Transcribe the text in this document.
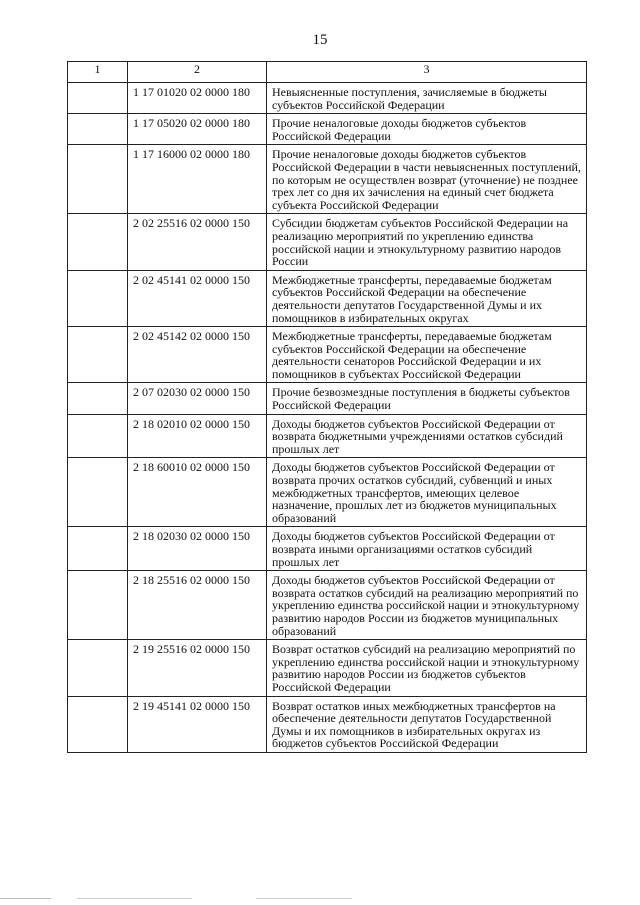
15
1	2	3
	1 17 01020 02 0000 180	Невыясненные поступления, зачисляемые в бюджеты субъектов Российской Федерации
	1 17 05020 02 0000 180	Прочие неналоговые доходы бюджетов субъектов Российской Федерации
	1 17 16000 02 0000 180	Прочие неналоговые доходы бюджетов субъектов Российской Федерации в части невыясненных поступлений, по которым не осуществлен возврат (уточнение) не позднее трех лет со дня их зачисления на единый счет бюджета субъекта Российской Федерации
	2 02 25516 02 0000 150	Субсидии бюджетам субъектов Российской Федерации на реализацию мероприятий по укреплению единства российской нации и этнокультурному развитию народов России
	2 02 45141 02 0000 150	Межбюджетные трансферты, передаваемые бюджетам субъектов Российской Федерации на обеспечение деятельности депутатов Государственной Думы и их помощников в избирательных округах
	2 02 45142 02 0000 150	Межбюджетные трансферты, передаваемые бюджетам субъектов Российской Федерации на обеспечение деятельности сенаторов Российской Федерации и их помощников в субъектах Российской Федерации
	2 07 02030 02 0000 150	Прочие безвозмездные поступления в бюджеты субъектов Российской Федерации
	2 18 02010 02 0000 150	Доходы бюджетов субъектов Российской Федерации от возврата бюджетными учреждениями остатков субсидий прошлых лет
	2 18 60010 02 0000 150	Доходы бюджетов субъектов Российской Федерации от возврата прочих остатков субсидий, субвенций и иных межбюджетных трансфертов, имеющих целевое назначение, прошлых лет из бюджетов муниципальных образований
	2 18 02030 02 0000 150	Доходы бюджетов субъектов Российской Федерации от возврата иными организациями остатков субсидий прошлых лет
	2 18 25516 02 0000 150	Доходы бюджетов субъектов Российской Федерации от возврата остатков субсидий на реализацию мероприятий по укреплению единства российской нации и этнокультурному развитию народов России из бюджетов муниципальных образований
	2 19 25516 02 0000 150	Возврат остатков субсидий на реализацию мероприятий по укреплению единства российской нации и этнокультурному развитию народов России из бюджетов субъектов Российской Федерации
	2 19 45141 02 0000 150	Возврат остатков иных межбюджетных трансфертов на обеспечение деятельности депутатов Государственной Думы и их помощников в избирательных округах из бюджетов субъектов Российской Федерации
